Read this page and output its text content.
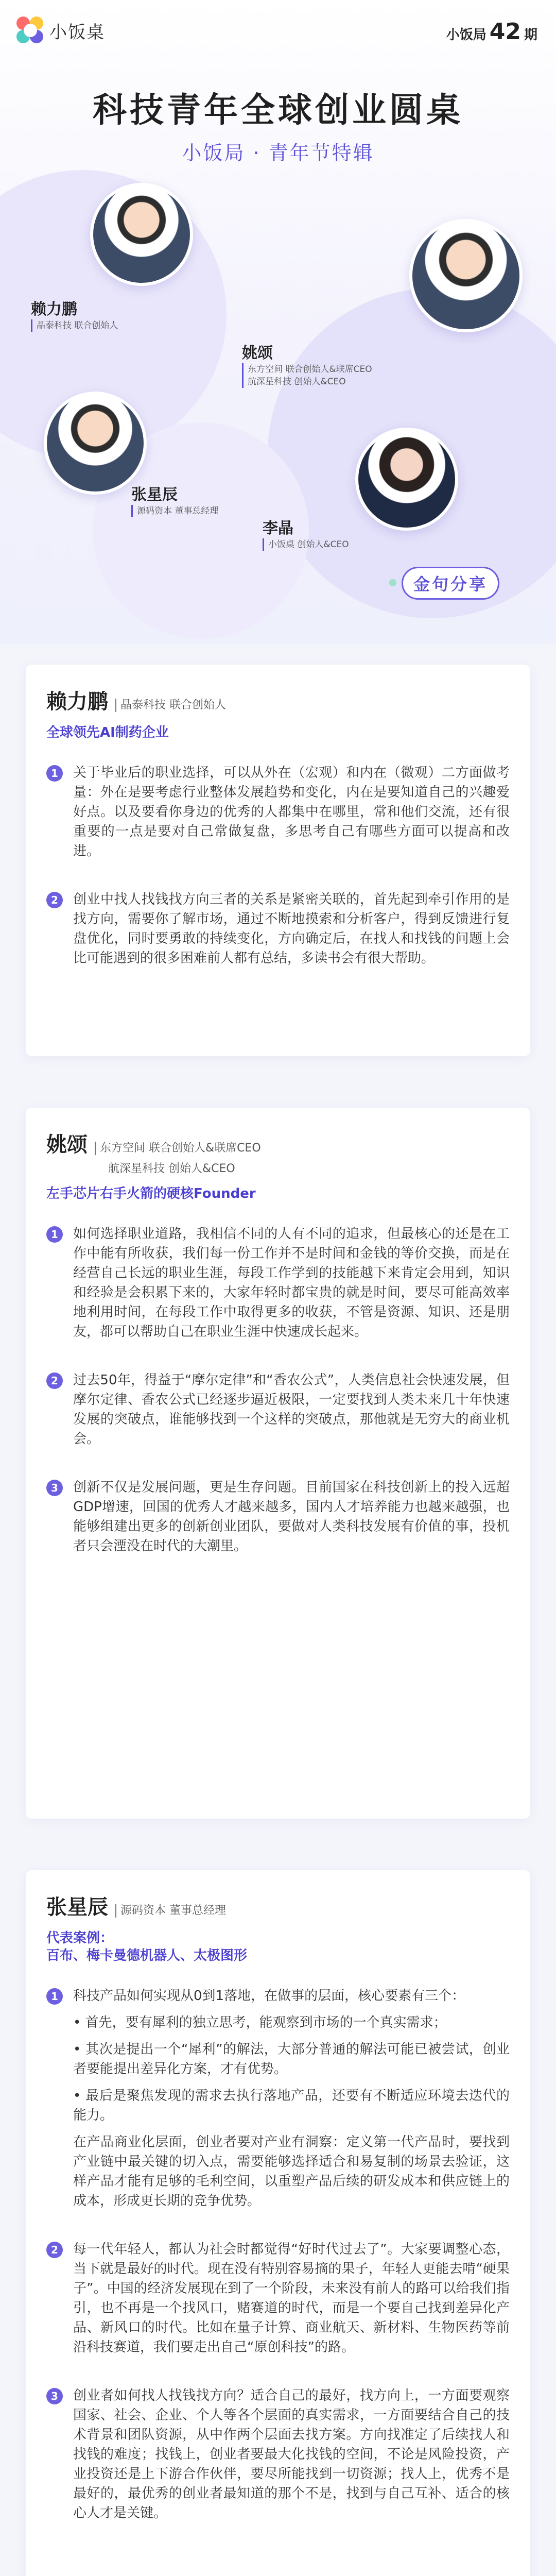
小饭桌	小饭局 42 期
科技青年全球创业圆桌
小饭局 · 青年节特辑
赖力鹏
晶泰科技 联合创始人
姚颂
东方空间 联合创始人&联席CEO
航深星科技 创始人&CEO
张星辰
源码资本 董事总经理
李晶
小饭桌 创始人&CEO
金句分享
赖力鹏	晶泰科技 联合创始人
全球领先AI制药企业
1	关于毕业后的职业选择，可以从外在（宏观）和内在（微观）二方面做考量：外在是要考虑行业整体发展趋势和变化，内在是要知道自己的兴趣爱好点。以及要看你身边的优秀的人都集中在哪里，常和他们交流，还有很重要的一点是要对自己常做复盘，多思考自己有哪些方面可以提高和改进。

2	创业中找人找钱找方向三者的关系是紧密关联的，首先起到牵引作用的是找方向，需要你了解市场，通过不断地摸索和分析客户，得到反馈进行复盘优化，同时要勇敢的持续变化，方向确定后，在找人和找钱的问题上会比可能遇到的很多困难前人都有总结，多读书会有很大帮助。

姚颂	东方空间 联合创始人&联席CEO
航深星科技 创始人&CEO
左手芯片右手火箭的硬核Founder
1	如何选择职业道路，我相信不同的人有不同的追求，但最核心的还是在工作中能有所收获，我们每一份工作并不是时间和金钱的等价交换，而是在经营自己长远的职业生涯，每段工作学到的技能越下来肯定会用到，知识和经验是会积累下来的，大家年轻时都宝贵的就是时间，要尽可能高效率地利用时间，在每段工作中取得更多的收获，不管是资源、知识、还是朋友，都可以帮助自己在职业生涯中快速成长起来。

2	过去50年，得益于“摩尔定律”和“香农公式”，人类信息社会快速发展，但摩尔定律、香农公式已经逐步逼近极限，一定要找到人类未来几十年快速发展的突破点，谁能够找到一个这样的突破点，那他就是无穷大的商业机会。

3	创新不仅是发展问题，更是生存问题。目前国家在科技创新上的投入远超GDP增速，回国的优秀人才越来越多，国内人才培养能力也越来越强，也能够组建出更多的创新创业团队，要做对人类科技发展有价值的事，投机者只会湮没在时代的大潮里。

张星辰	源码资本 董事总经理
代表案例：
百布、梅卡曼德机器人、太极图形
1	科技产品如何实现从0到1落地，在做事的层面，核心要素有三个：

• 首先，要有犀利的独立思考，能观察到市场的一个真实需求；

• 其次是提出一个“犀利”的解法，大部分普通的解法可能已被尝试，创业者要能提出差异化方案，才有优势。

• 最后是聚焦发现的需求去执行落地产品，还要有不断适应环境去迭代的能力。

在产品商业化层面，创业者要对产业有洞察：定义第一代产品时，要找到产业链中最关键的切入点，需要能够选择适合和易复制的场景去验证，这样产品才能有足够的毛利空间，以重塑产品后续的研发成本和供应链上的成本，形成更长期的竞争优势。

2	每一代年轻人，都认为社会时都觉得“好时代过去了”。大家要调整心态，当下就是最好的时代。现在没有特别容易摘的果子，年轻人更能去啃“硬果子”。中国的经济发展现在到了一个阶段，未来没有前人的路可以给我们指引，也不再是一个找风口，赌赛道的时代，而是一个要自己找到差异化产品、新风口的时代。比如在量子计算、商业航天、新材料、生物医药等前沿科技赛道，我们要走出自己“原创科技”的路。

3	创业者如何找人找钱找方向？适合自己的最好，找方向上，一方面要观察国家、社会、企业、个人等各个层面的真实需求，一方面要结合自己的技术背景和团队资源，从中作两个层面去找方案。方向找准定了后续找人和找钱的难度；找钱上，创业者要最大化找钱的空间，不论是风险投资，产业投资还是上下游合作伙伴，要尽所能找到一切资源；找人上，优秀不是最好的，最优秀的创业者最知道的那个不是，找到与自己互补、适合的核心人才是关键。
